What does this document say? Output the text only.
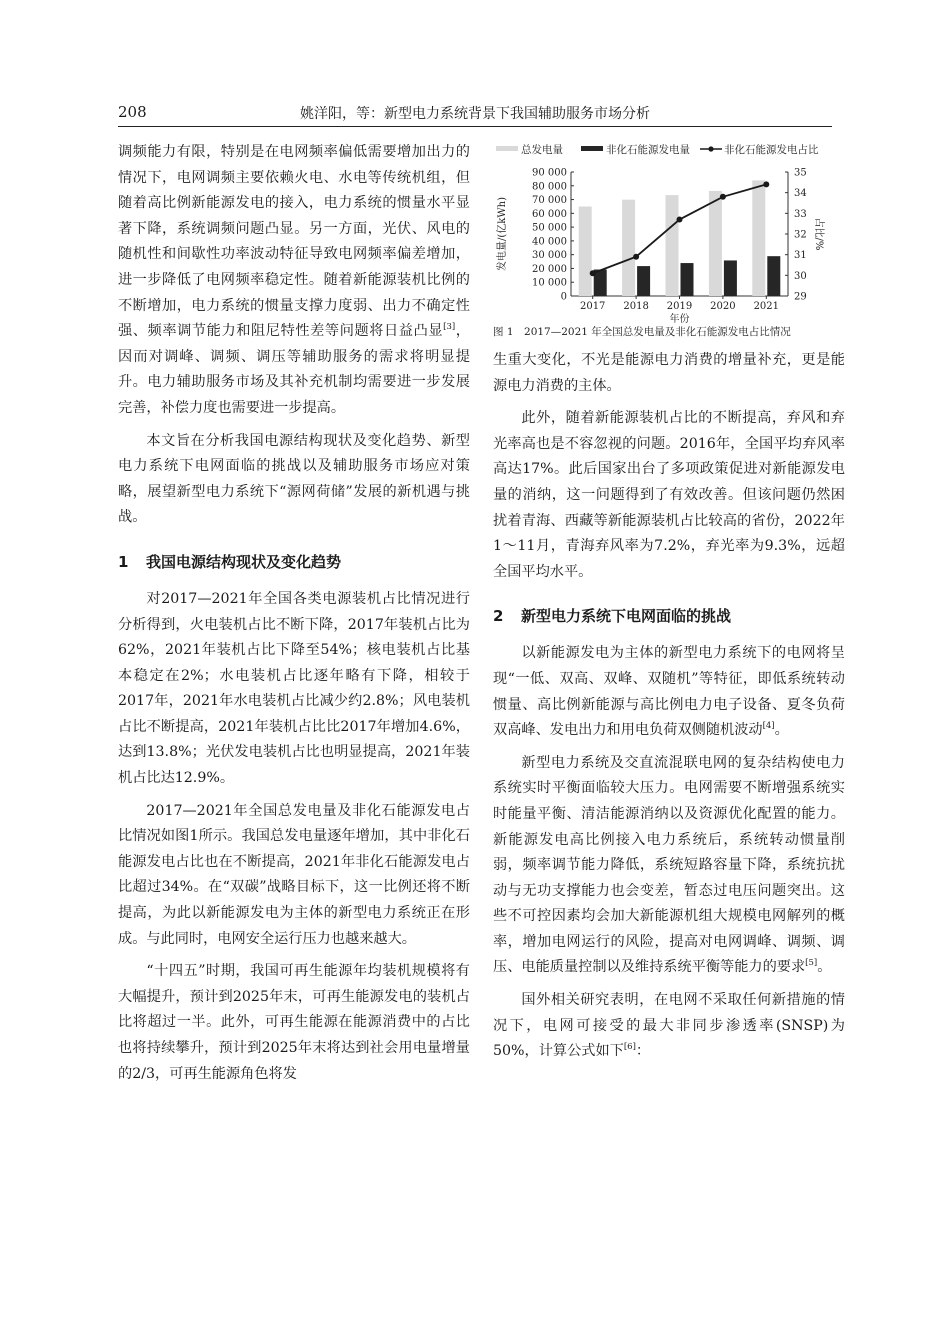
208	姚洋阳，等：新型电力系统背景下我国辅助服务市场分析

调频能力有限，特别是在电网频率偏低需要增加出力的情况下，电网调频主要依赖火电、水电等传统机组，但随着高比例新能源发电的接入，电力系统的惯量水平显著下降，系统调频问题凸显。另一方面，光伏、风电的随机性和间歇性功率波动特征导致电网频率偏差增加，进一步降低了电网频率稳定性。随着新能源装机比例的不断增加，电力系统的惯量支撑力度弱、出力不确定性强、频率调节能力和阻尼特性差等问题将日益凸显[3]，因而对调峰、调频、调压等辅助服务的需求将明显提升。电力辅助服务市场及其补充机制均需要进一步发展完善，补偿力度也需要进一步提高。

本文旨在分析我国电源结构现状及变化趋势、新型电力系统下电网面临的挑战以及辅助服务市场应对策略，展望新型电力系统下“源网荷储”发展的新机遇与挑战。

1 我国电源结构现状及变化趋势

对2017—2021年全国各类电源装机占比情况进行分析得到，火电装机占比不断下降，2017年装机占比为62%，2021年装机占比下降至54%；核电装机占比基本稳定在2%；水电装机占比逐年略有下降，相较于2017年，2021年水电装机占比减少约2.8%；风电装机占比不断提高，2021年装机占比比2017年增加4.6%，达到13.8%；光伏发电装机占比也明显提高，2021年装机占比达12.9%。

2017—2021年全国总发电量及非化石能源发电占比情况如图1所示。我国总发电量逐年增加，其中非化石能源发电占比也在不断提高，2021年非化石能源发电占比超过34%。在“双碳”战略目标下，这一比例还将不断提高，为此以新能源发电为主体的新型电力系统正在形成。与此同时，电网安全运行压力也越来越大。

“十四五”时期，我国可再生能源年均装机规模将有大幅提升，预计到2025年末，可再生能源发电的装机占比将超过一半。此外，可再生能源在能源消费中的占比也将持续攀升，预计到2025年末将达到社会用电量增量的2/3，可再生能源角色将发

总发电量	非化石能源发电量	非化石能源发电占比
发电量/(亿kWh)	占比/%
年份
0
10 000
20 000
30 000
40 000
50 000
60 000
70 000
80 000
90 000
29
30
31
32
33
34
35
2017 2018 2019 2020 2021
图 1　2017—2021 年全国总发电量及非化石能源发电占比情况

生重大变化，不光是能源电力消费的增量补充，更是能源电力消费的主体。

此外，随着新能源装机占比的不断提高，弃风和弃光率高也是不容忽视的问题。2016年，全国平均弃风率高达17%。此后国家出台了多项政策促进对新能源发电量的消纳，这一问题得到了有效改善。但该问题仍然困扰着青海、西藏等新能源装机占比较高的省份，2022年1～11月，青海弃风率为7.2%，弃光率为9.3%，远超全国平均水平。

2 新型电力系统下电网面临的挑战

以新能源发电为主体的新型电力系统下的电网将呈现“一低、双高、双峰、双随机”等特征，即低系统转动惯量、高比例新能源与高比例电力电子设备、夏冬负荷双高峰、发电出力和用电负荷双侧随机波动[4]。

新型电力系统及交直流混联电网的复杂结构使电力系统实时平衡面临较大压力。电网需要不断增强系统实时能量平衡、清洁能源消纳以及资源优化配置的能力。新能源发电高比例接入电力系统后，系统转动惯量削弱，频率调节能力降低，系统短路容量下降，系统抗扰动与无功支撑能力也会变差，暂态过电压问题突出。这些不可控因素均会加大新能源机组大规模电网解列的概率，增加电网运行的风险，提高对电网调峰、调频、调压、电能质量控制以及维持系统平衡等能力的要求[5]。

国外相关研究表明，在电网不采取任何新措施的情况下，电网可接受的最大非同步渗透率(SNSP)为50%，计算公式如下[6]：
